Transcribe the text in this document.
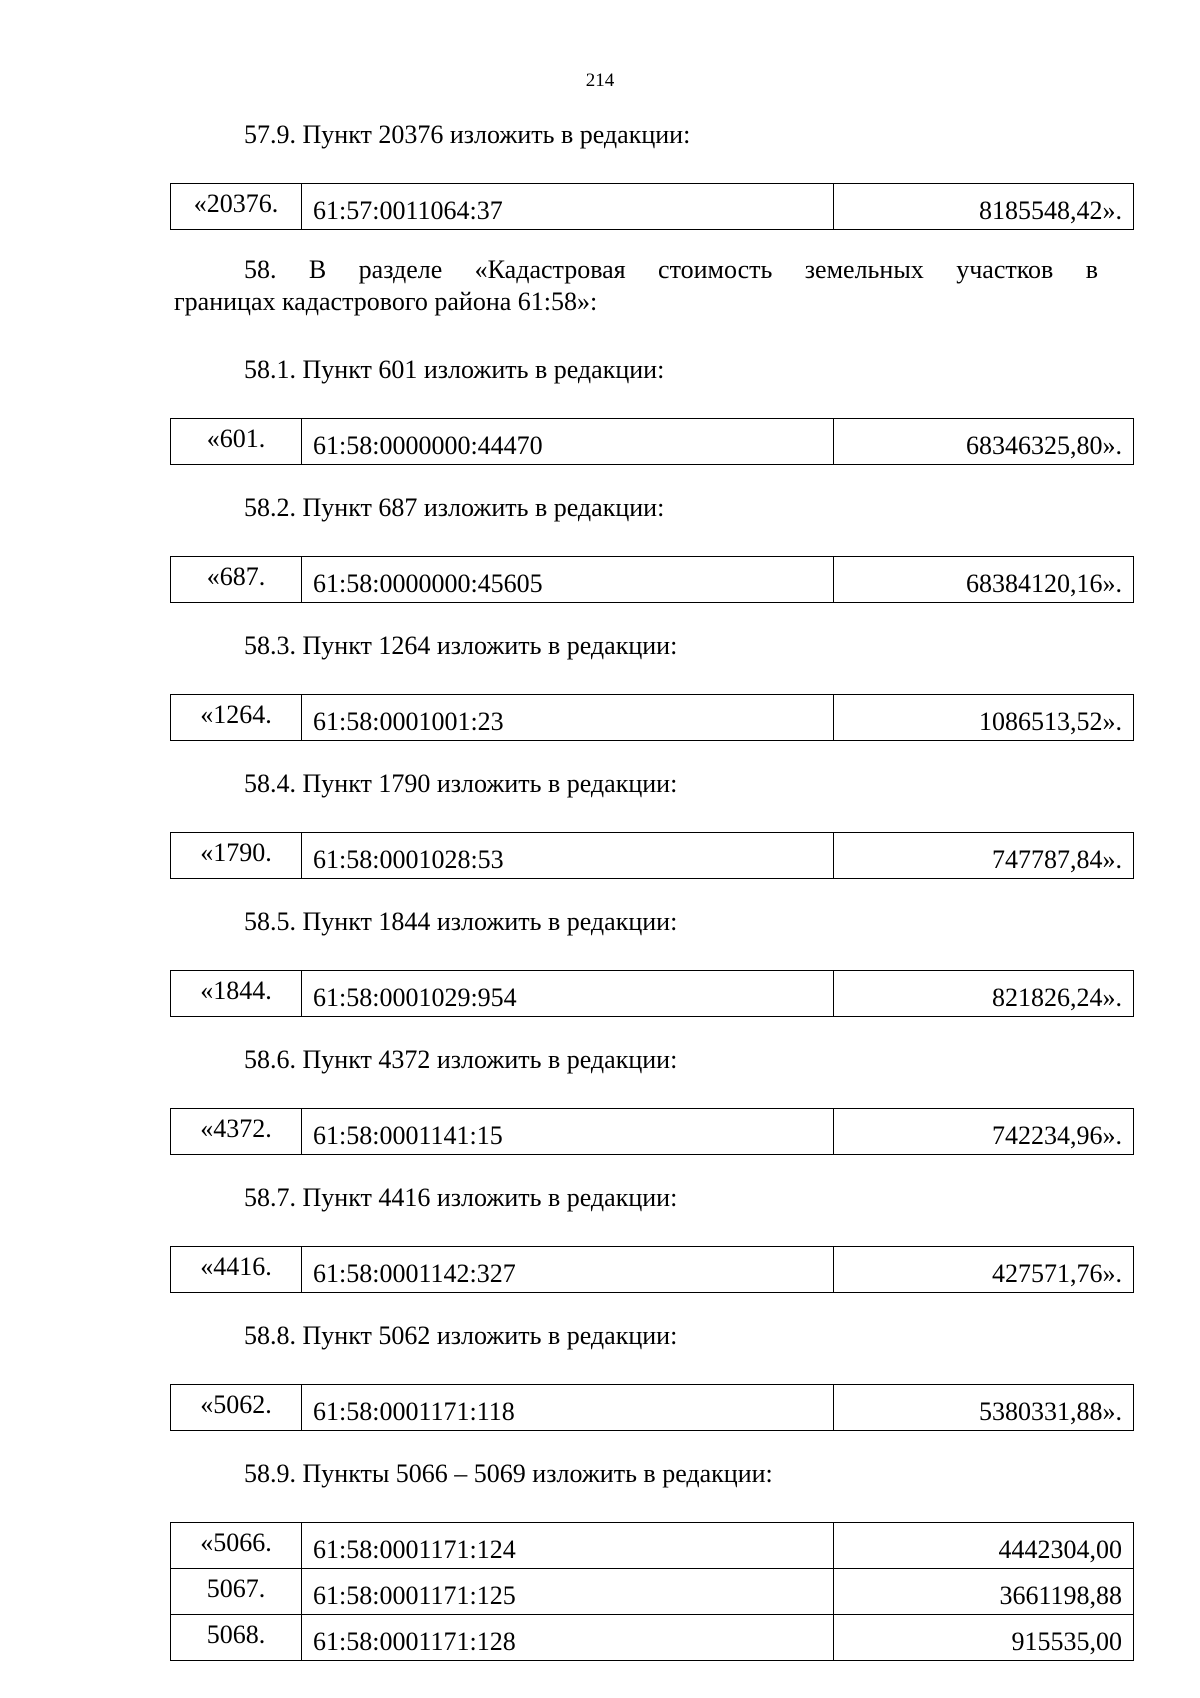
214
57.9. Пункт 20376 изложить в редакции:
«20376.	61:57:0011064:37	8185548,42».
58. В разделе «Кадастровая стоимость земельных участков в
границах кадастрового района 61:58»:
58.1. Пункт 601 изложить в редакции:
«601.	61:58:0000000:44470	68346325,80».
58.2. Пункт 687 изложить в редакции:
«687.	61:58:0000000:45605	68384120,16».
58.3. Пункт 1264 изложить в редакции:
«1264.	61:58:0001001:23	1086513,52».
58.4. Пункт 1790 изложить в редакции:
«1790.	61:58:0001028:53	747787,84».
58.5. Пункт 1844 изложить в редакции:
«1844.	61:58:0001029:954	821826,24».
58.6. Пункт 4372 изложить в редакции:
«4372.	61:58:0001141:15	742234,96».
58.7. Пункт 4416 изложить в редакции:
«4416.	61:58:0001142:327	427571,76».
58.8. Пункт 5062 изложить в редакции:
«5062.	61:58:0001171:118	5380331,88».
58.9. Пункты 5066 – 5069 изложить в редакции:
«5066.	61:58:0001171:124	4442304,00
5067.	61:58:0001171:125	3661198,88
5068.	61:58:0001171:128	915535,00
